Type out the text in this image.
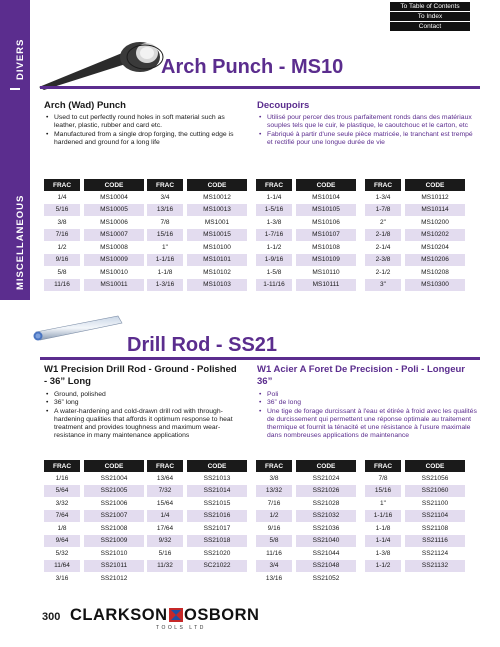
MISCELLANEOUS
DIVERS
To Table of Contents
To Index
Contact
Arch Punch - MS10
Arch (Wad) Punch
• Used to cut perfectly round holes in soft material such as leather, plastic, rubber and card etc.
• Manufactured from a single drop forging, the cutting edge is hardened and ground for a long life
Decoupoirs
• Utilisé pour percer des trous parfaitement ronds dans des matériaux souples tels que le cuir, le plastique, le caoutchouc et le carton, etc
• Fabriqué à partir d'une seule pièce matricée, le tranchant est trempé et rectifié pour une longue durée de vie
FRAC		CODE
1/4		MS10004
5/16		MS10005
3/8		MS10006
7/16		MS10007
1/2		MS10008
9/16		MS10009
5/8		MS10010
11/16		MS10011
FRAC		CODE
3/4		MS10012
13/16		MS10013
7/8		MS1001
15/16		MS10015
1"		MS10100
1-1/16		MS10101
1-1/8		MS10102
1-3/16		MS10103
FRAC		CODE
1-1/4		MS10104
1-5/16		MS10105
1-3/8		MS10106
1-7/16		MS10107
1-1/2		MS10108
1-9/16		MS10109
1-5/8		MS10110
1-11/16		MS10111
FRAC		CODE
1-3/4		MS10112
1-7/8		MS10114
2"		MS10200
2-1/8		MS10202
2-1/4		MS10204
2-3/8		MS10206
2-1/2		MS10208
3"		MS10300
Drill Rod - SS21
W1 Precision Drill Rod - Ground - Polished - 36” Long
• Ground, polished
• 36” long
• A water-hardening and cold-drawn drill rod with through-hardening qualities that affords it optimum response to heat treatment and provides toughness and maximum wear-resistance in many maintenance applications
W1 Acier A Foret De Precision - Poli - Longeur 36”
• Poli
• 36” de long
• Une tige de forage durcissant à l'eau et étirée à froid avec les qualités de durcissement qui permettent une réponse optimale au traitement thermique et fournit la ténacité et une résistance à l'usure maximale dans nombreuses applications de maintenance
FRAC		CODE
1/16		SS21004
5/64		SS21005
3/32		SS21006
7/64		SS21007
1/8		SS21008
9/64		SS21009
5/32		SS21010
11/64		SS21011
3/16		SS21012
FRAC		CODE
13/64		SS21013
7/32		SS21014
15/64		SS21015
1/4		SS21016
17/64		SS21017
9/32		SS21018
5/16		SS21020
11/32		SC21022
FRAC		CODE
3/8		SS21024
13/32		SS21026
7/16		SS21028
1/2		SS21032
9/16		SS21036
5/8		SS21040
11/16		SS21044
3/4		SS21048
13/16		SS21052
FRAC		CODE
7/8		SS21056
15/16		SS21060
1"		SS21100
1-1/16		SS21104
1-1/8		SS21108
1-1/4		SS21116
1-3/8		SS21124
1-1/2		SS21132
300 CLARKSON OSBORN
TOOLS LTD
